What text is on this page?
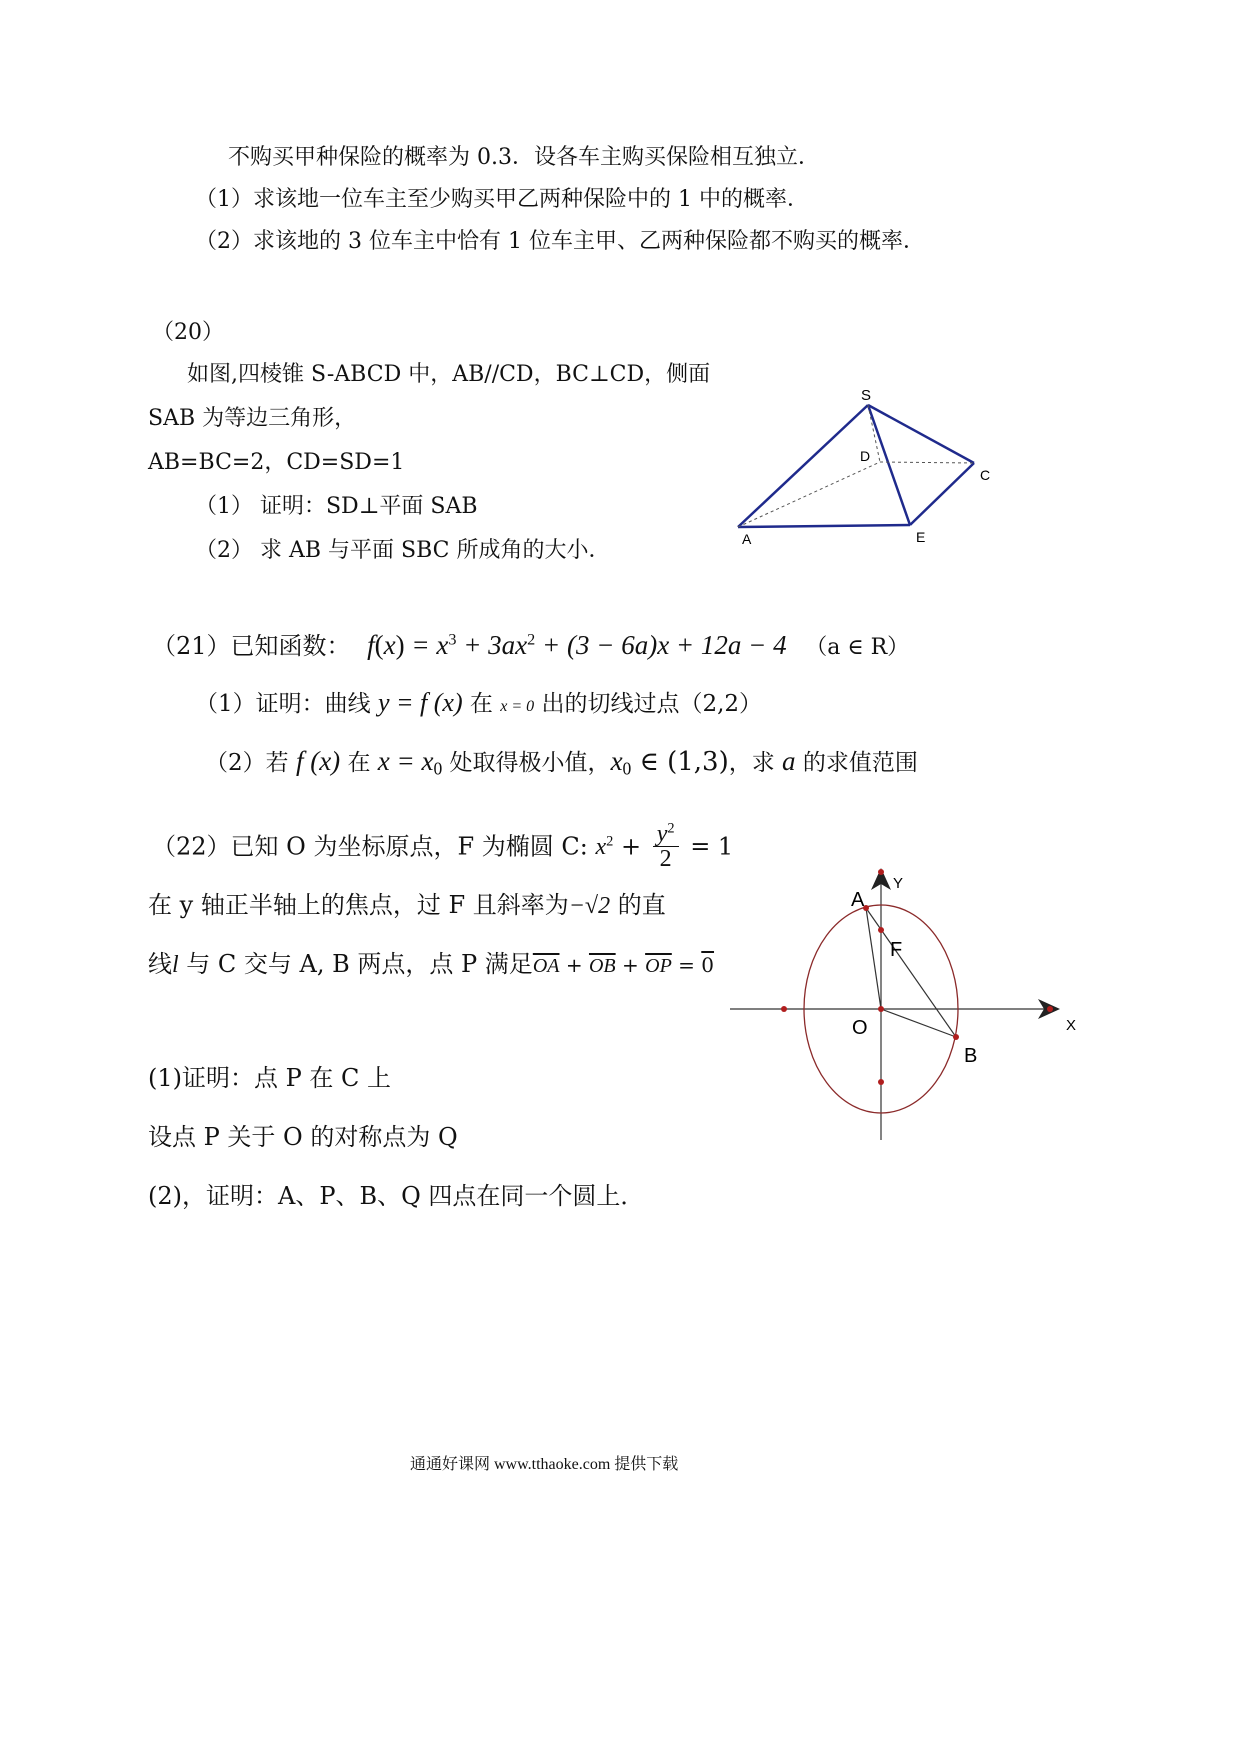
不购买甲种保险的概率为 0.3．设各车主购买保险相互独立．
（1）求该地一位车主至少购买甲乙两种保险中的 1 中的概率．
（2）求该地的 3 位车主中恰有 1 位车主甲、乙两种保险都不购买的概率．
（20）
如图,四棱锥 S-ABCD 中，AB//CD，BC⊥CD，侧面
SAB 为等边三角形，
AB=BC=2，CD=SD=1
（1） 证明：SD⊥平面 SAB
（2） 求 AB 与平面 SBC 所成角的大小．
S
D
C
A	E
（21）已知函数： $f(x) = x^3 + 3ax^2 + (3 - 6a)x + 12a - 4$ （a ∈ R）
（1）证明：曲线 y = f (x) 在 x = 0 出的切线过点（2,2）
（2）若 f (x) 在 $x = x_0$ 处取得极小值，$x_0$ ∈ (1,3)，求 a 的求值范围
（22）已知 O 为坐标原点，F 为椭圆 C: $x^2 + \frac{y^2}{2} = 1$
在 y 轴正半轴上的焦点，过 F 且斜率为−√2 的直
线l 与 C 交与 A, B 两点，点 P 满足$\overline{OA} + \overline{OB} + \overline{OP} = 0$
(1)证明：点 P 在 C 上
设点 P 关于 O 的对称点为 Q
(2)，证明：A、P、B、Q 四点在同一个圆上．
Y
A
F
O
B
X
通通好课网 www.tthaoke.com 提供下载
